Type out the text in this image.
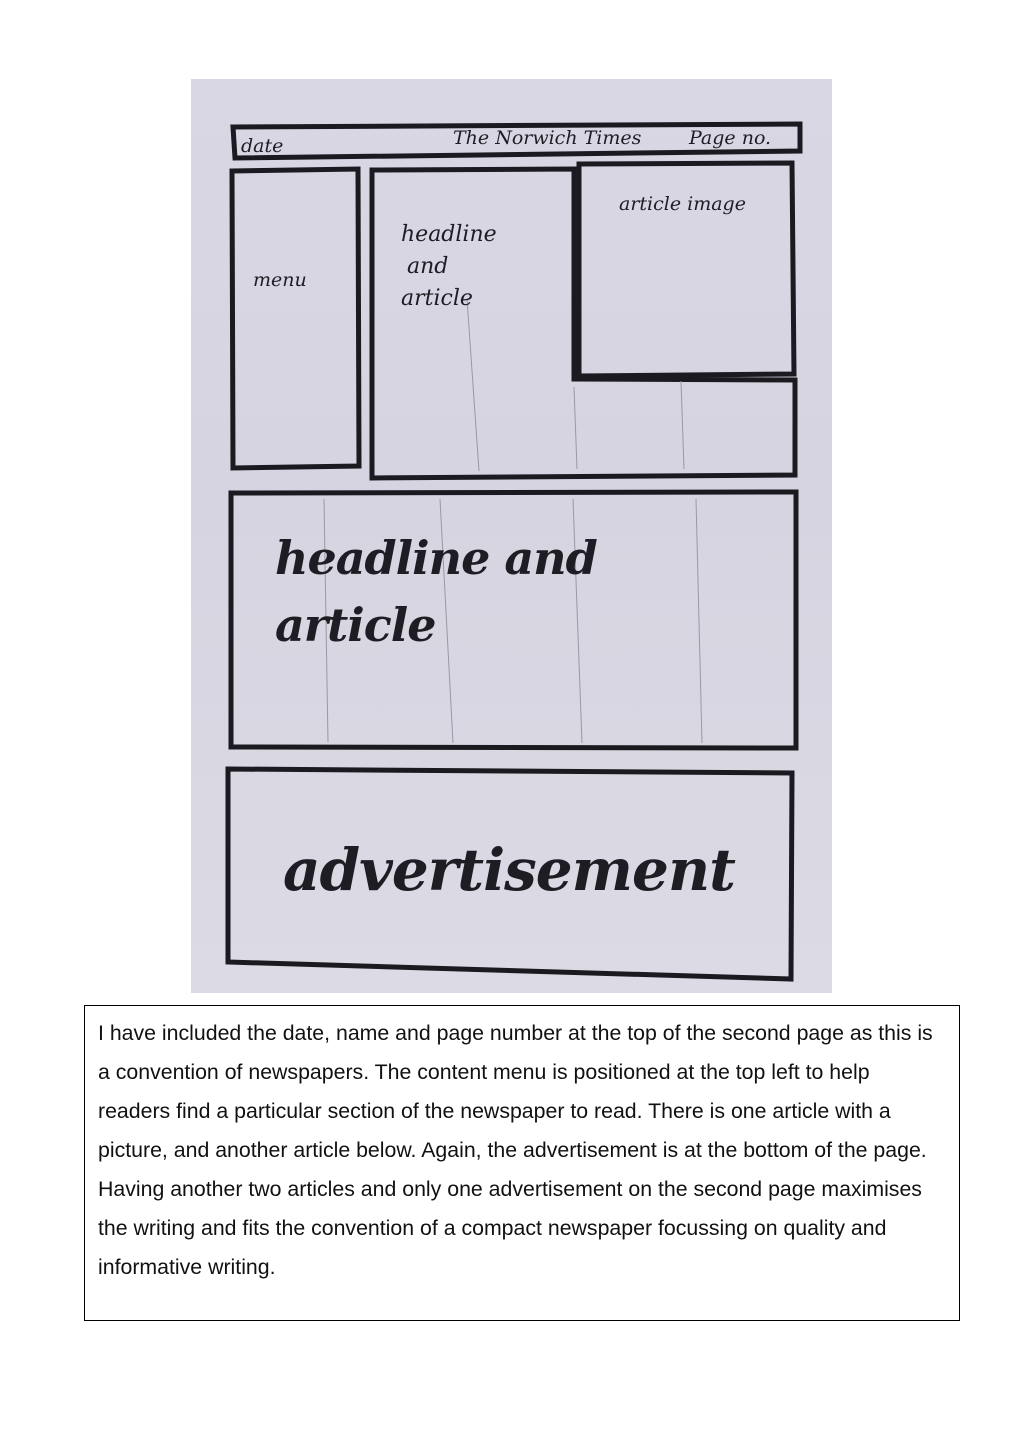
date	The Norwich Times	Page no.
menu
headline
and
article
article image
headline and
article
advertisement

I have included the date, name and page number at the top of the second page as this is a convention of newspapers. The content menu is positioned at the top left to help readers find a particular section of the newspaper to read. There is one article with a picture, and another article below. Again, the advertisement is at the bottom of the page. Having another two articles and only one advertisement on the second page maximises the writing and fits the convention of a compact newspaper focussing on quality and informative writing.
